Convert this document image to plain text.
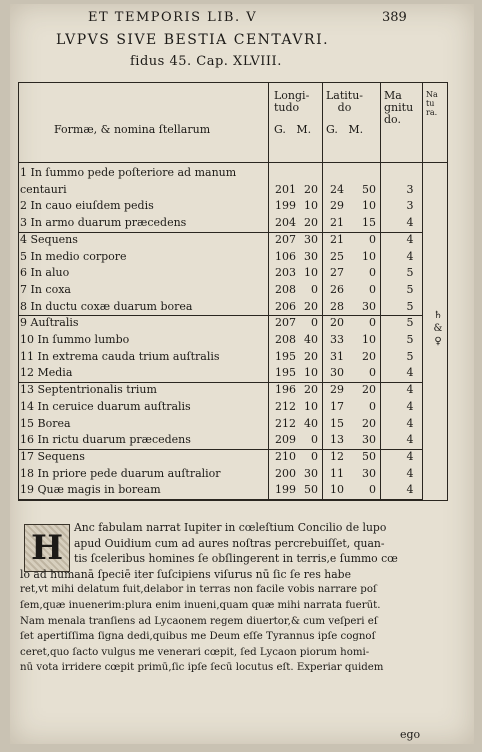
ET TEMPORIS LIB. V	389
LVPVS SIVE BESTIA CENTAVRI.
fidus 45. Cap. XLVIII.
Formæ, & nomina ſtellarum
Longi-
tudo
G.   M.
Latitu-
do
G.   M.
Ma
gnitu
do.
Na
tu
ra.
1 In ſummo pede poſteriore ad manum
centauri	201 20	24	50	3
2 In cauo eiuſdem pedis	199 10	29	10	3
3 In armo duarum præcedens	204 20	21	15	4
4 Sequens	207 30	21	0	4
5 In medio corpore	106 30	25	10	4
6 In aluo	203 10	27	0	5
7 In coxa	208	0	26	0	5
8 In ductu coxæ duarum borea	206 20	28	30	5
9 Auſtralis	207	0	20	0	5
10 In ſummo lumbo	208 40	33	10	5
11 In extrema cauda trium auſtralis	195 20	31	20	5
12 Media	195 10	30	0	4
13 Septentrionalis trium	196 20	29	20	4
14 In ceruice duarum auſtralis	212 10	17	0	4
15 Borea	212 40	15	20	4
16 In rictu duarum præcedens	209	0	13	30	4
17 Sequens	210	0	12	50	4
18 In priore pede duarum auſtralior	200 30	11	30	4
19 Quæ magis in boream	199 50	10	0	4
♄
&
♀
H
Anc fabulam narrat Iupiter in cœleſtium Concilio de lupo
apud Ouidium cum ad aures noſtras percrebuiſſet, quan-
tis ſceleribus homines ſe obſlingerent in terris,e ſummo cœ
lo ad humanā ſpeciē iter ſuſcipiens viſurus nū ſic ſe res habe
ret,vt mihi delatum fuit,delabor in terras non facile vobis narrare poſ
ſem,quæ inuenerim:plura enim inueni,quam quæ mihi narrata fuerūt.
Nam menala tranſiens ad Lycaonem regem diuertor,& cum veſperi eſ
ſet apertiſſima ſigna dedi,quibus me Deum eſſe Tyrannus ipſe cognoſ
ceret,quo ſacto vulgus me venerari cœpit, ſed Lycaon piorum homi-
nū vota irridere cœpit primū,ſic ipſe ſecū locutus eſt. Experiar quidem
ego
